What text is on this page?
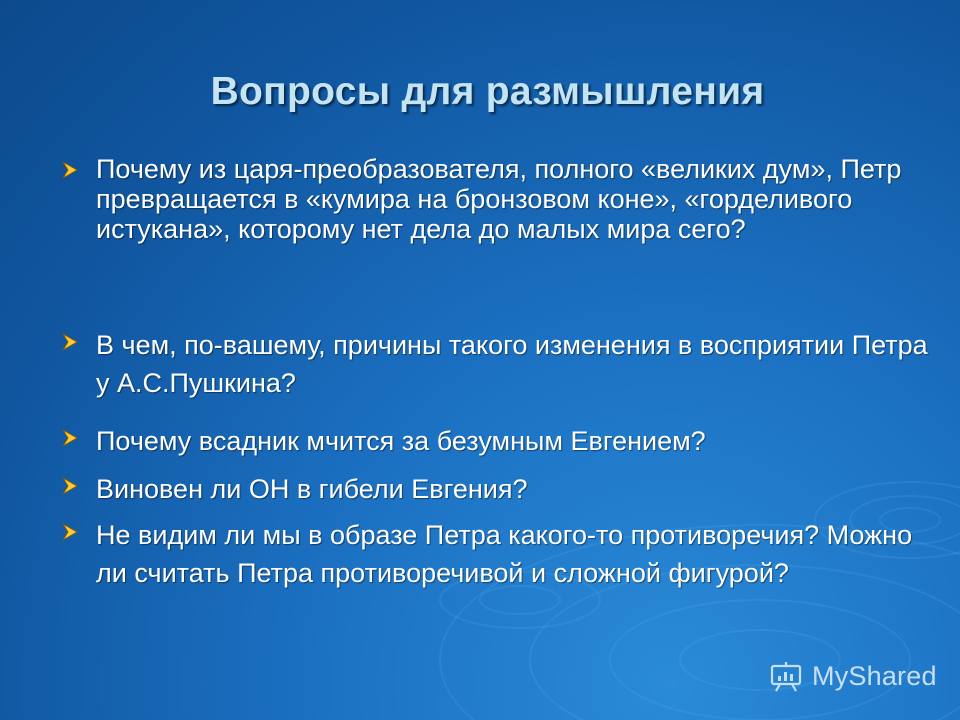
Вопросы для размышления
Почему из царя-преобразователя, полного «великих дум», Петр превращается в «кумира на бронзовом коне», «горделивого истукана», которому нет дела до малых мира сего?
В чем, по-вашему, причины такого изменения в восприятии Петра у А.С.Пушкина?
Почему всадник мчится за безумным Евгением?
Виновен ли ОН в гибели Евгения?
Не видим ли мы в образе Петра какого-то противоречия? Можно ли считать Петра противоречивой и сложной фигурой?
MyShared
